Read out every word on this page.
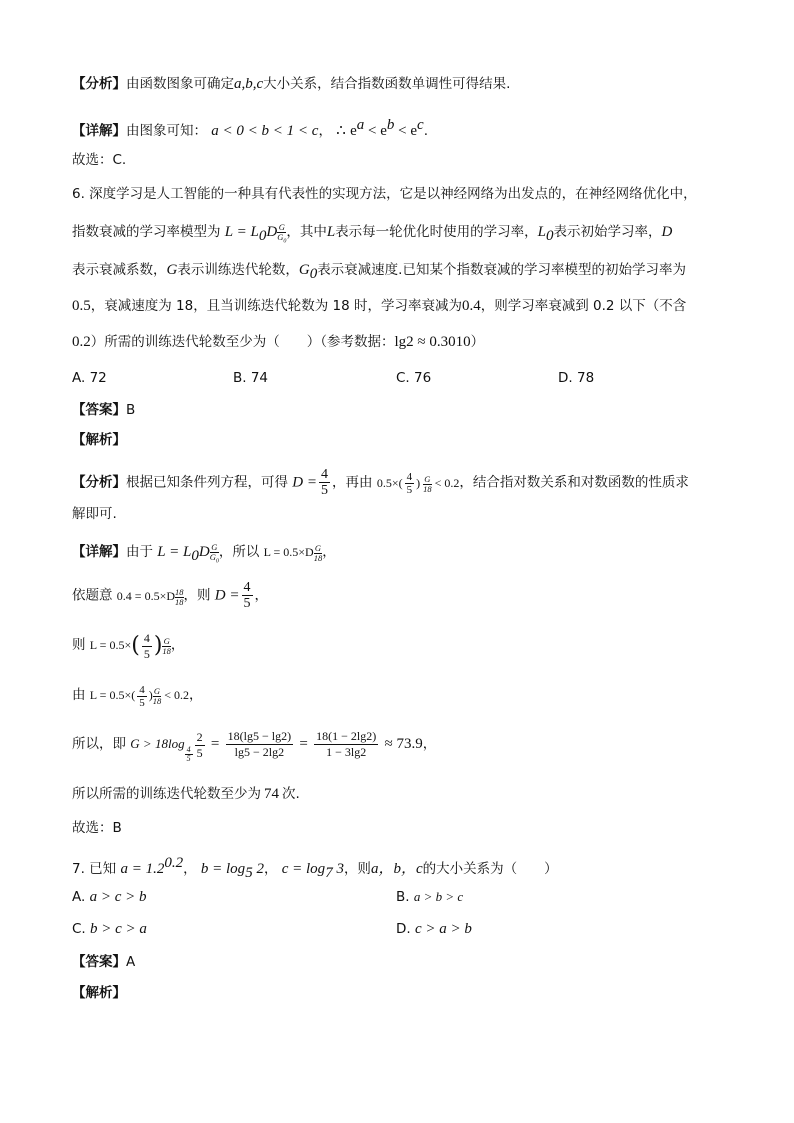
【分析】由函数图象可确定a,b,c大小关系，结合指数函数单调性可得结果.
【详解】由图象可知： a < 0 < b < 1 < c， ∴ $e^a < e^b < e^c$.
故选：C.
6. 深度学习是人工智能的一种具有代表性的实现方法，它是以神经网络为出发点的，在神经网络优化中，
指数衰减的学习率模型为 $L = L_0D \frac{G}{G_0}$ ，其中L表示每一轮优化时使用的学习率，$L_0$表示初始学习率，D
表示衰减系数，G表示训练迭代轮数，$G_0$表示衰减速度.已知某个指数衰减的学习率模型的初始学习率为
0.5，衰减速度为 18，且当训练迭代轮数为 18 时，学习率衰减为0.4，则学习率衰减到 0.2 以下（不含
0.2）所需的训练迭代轮数至少为（　　）（参考数据：lg2 ≈ 0.3010）
A. 72	B. 74	C. 76	D. 78
【答案】B
【解析】
【分析】根据已知条件列方程，可得 $D = \frac{4}{5}$ ，再由 $0.5\times( \frac{4}{5}$ ) $\frac{G}{18} < 0.2$，结合指对数关系和对数函数的性质求
解即可.
【详解】由于 $L = L_0D \frac{G}{G_0}$ ，所以 $L = 0.5\times D \frac{G}{18}$ ，
依题意 $0.4 = 0.5\times D \frac{18}{18}$ ，则 $D = \frac{4}{5}$ ，
则 $L = 0.5\times( \frac{4}{5}$ ) $\frac{G}{18}$ ，
由 $L = 0.5\times( \frac{4}{5}$ ) $\frac{G}{18} < 0.2$，
所以，即 G > 18log
$_{\frac{4}{5}} \frac{2}{5} = \frac{18(\lg 5 - \lg 2)}{\lg 5 - 2\lg 2} = \frac{18(1 - 2\lg 2)}{1 - 3\lg 2} \approx 73.9$，
所以所需的训练迭代轮数至少为 74 次.
故选：B
7. 已知 $a = 1.2^{0.2}$， $b = \log_5 2$， $c = \log_7 3$，则a，b，c的大小关系为（　　）
A. a > c > b	B. a > b > c
C. b > c > a	D. c > a > b
【答案】A
【解析】
